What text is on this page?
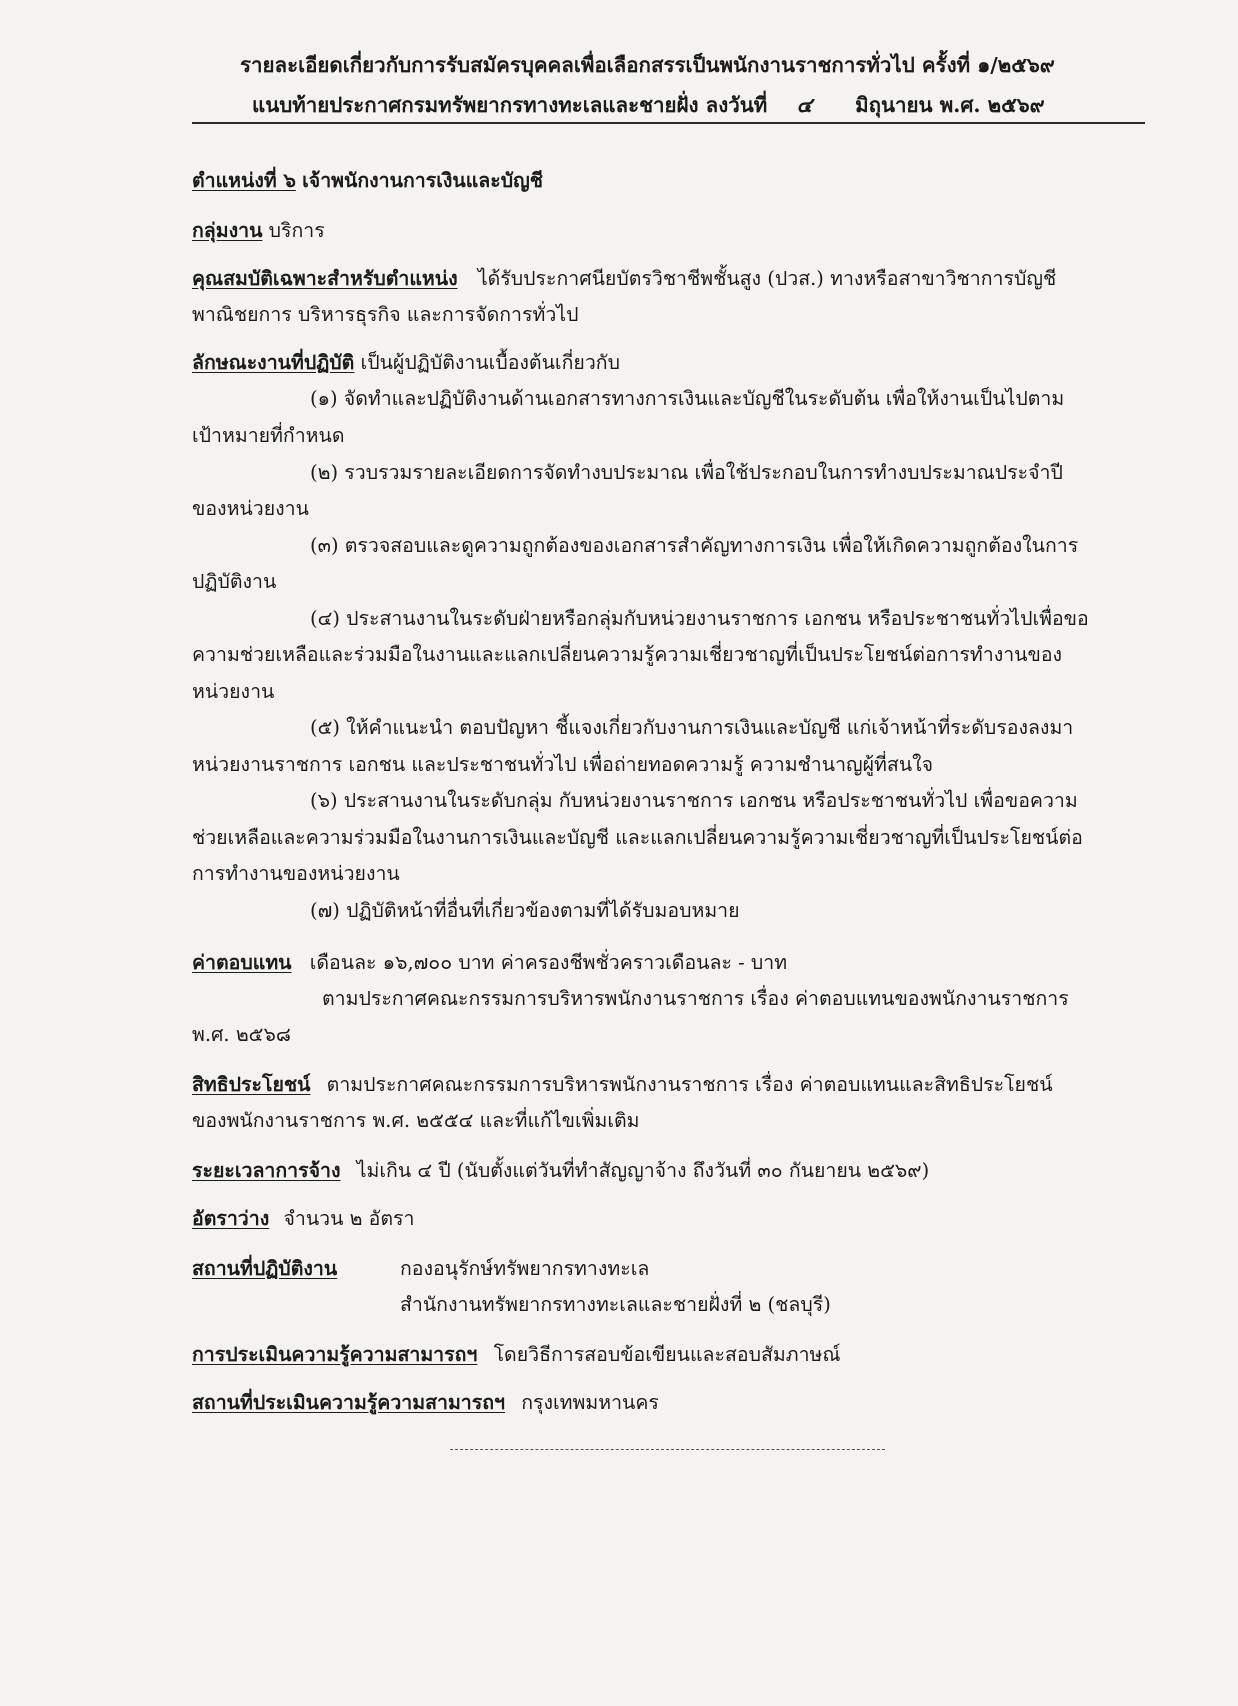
รายละเอียดเกี่ยวกับการรับสมัครบุคคลเพื่อเลือกสรรเป็นพนักงานราชการทั่วไป ครั้งที่ ๑/๒๕๖๙
แนบท้ายประกาศกรมทรัพยากรทางทะเลและชายฝั่ง ลงวันที่ ๔ มิถุนายน พ.ศ. ๒๕๖๙
ตำแหน่งที่ ๖ เจ้าพนักงานการเงินและบัญชี
กลุ่มงาน บริการ
คุณสมบัติเฉพาะสำหรับตำแหน่ง ได้รับประกาศนียบัตรวิชาชีพชั้นสูง (ปวส.) ทางหรือสาขาวิชาการบัญชี
พาณิชยการ บริหารธุรกิจ และการจัดการทั่วไป
ลักษณะงานที่ปฏิบัติ เป็นผู้ปฏิบัติงานเบื้องต้นเกี่ยวกับ
(๑) จัดทำและปฏิบัติงานด้านเอกสารทางการเงินและบัญชีในระดับต้น เพื่อให้งานเป็นไปตาม
เป้าหมายที่กำหนด
(๒) รวบรวมรายละเอียดการจัดทำงบประมาณ เพื่อใช้ประกอบในการทำงบประมาณประจำปี
ของหน่วยงาน
(๓) ตรวจสอบและดูความถูกต้องของเอกสารสำคัญทางการเงิน เพื่อให้เกิดความถูกต้องในการ
ปฏิบัติงาน
(๔) ประสานงานในระดับฝ่ายหรือกลุ่มกับหน่วยงานราชการ เอกชน หรือประชาชนทั่วไปเพื่อขอ
ความช่วยเหลือและร่วมมือในงานและแลกเปลี่ยนความรู้ความเชี่ยวชาญที่เป็นประโยชน์ต่อการทำงานของ
หน่วยงาน
(๕) ให้คำแนะนำ ตอบปัญหา ชี้แจงเกี่ยวกับงานการเงินและบัญชี แก่เจ้าหน้าที่ระดับรองลงมา
หน่วยงานราชการ เอกชน และประชาชนทั่วไป เพื่อถ่ายทอดความรู้ ความชำนาญผู้ที่สนใจ
(๖) ประสานงานในระดับกลุ่ม กับหน่วยงานราชการ เอกชน หรือประชาชนทั่วไป เพื่อขอความ
ช่วยเหลือและความร่วมมือในงานการเงินและบัญชี และแลกเปลี่ยนความรู้ความเชี่ยวชาญที่เป็นประโยชน์ต่อ
การทำงานของหน่วยงาน
(๗) ปฏิบัติหน้าที่อื่นที่เกี่ยวข้องตามที่ได้รับมอบหมาย
ค่าตอบแทน เดือนละ ๑๖,๗๐๐ บาท ค่าครองชีพชั่วคราวเดือนละ - บาท
ตามประกาศคณะกรรมการบริหารพนักงานราชการ เรื่อง ค่าตอบแทนของพนักงานราชการ
พ.ศ. ๒๕๖๘
สิทธิประโยชน์ ตามประกาศคณะกรรมการบริหารพนักงานราชการ เรื่อง ค่าตอบแทนและสิทธิประโยชน์
ของพนักงานราชการ พ.ศ. ๒๕๕๔ และที่แก้ไขเพิ่มเติม
ระยะเวลาการจ้าง ไม่เกิน ๔ ปี (นับตั้งแต่วันที่ทำสัญญาจ้าง ถึงวันที่ ๓๐ กันยายน ๒๕๖๙)
อัตราว่าง จำนวน ๒ อัตรา
สถานที่ปฏิบัติงาน	กองอนุรักษ์ทรัพยากรทางทะเล
สำนักงานทรัพยากรทางทะเลและชายฝั่งที่ ๒ (ชลบุรี)
การประเมินความรู้ความสามารถฯ โดยวิธีการสอบข้อเขียนและสอบสัมภาษณ์
สถานที่ประเมินความรู้ความสามารถฯ กรุงเทพมหานคร
